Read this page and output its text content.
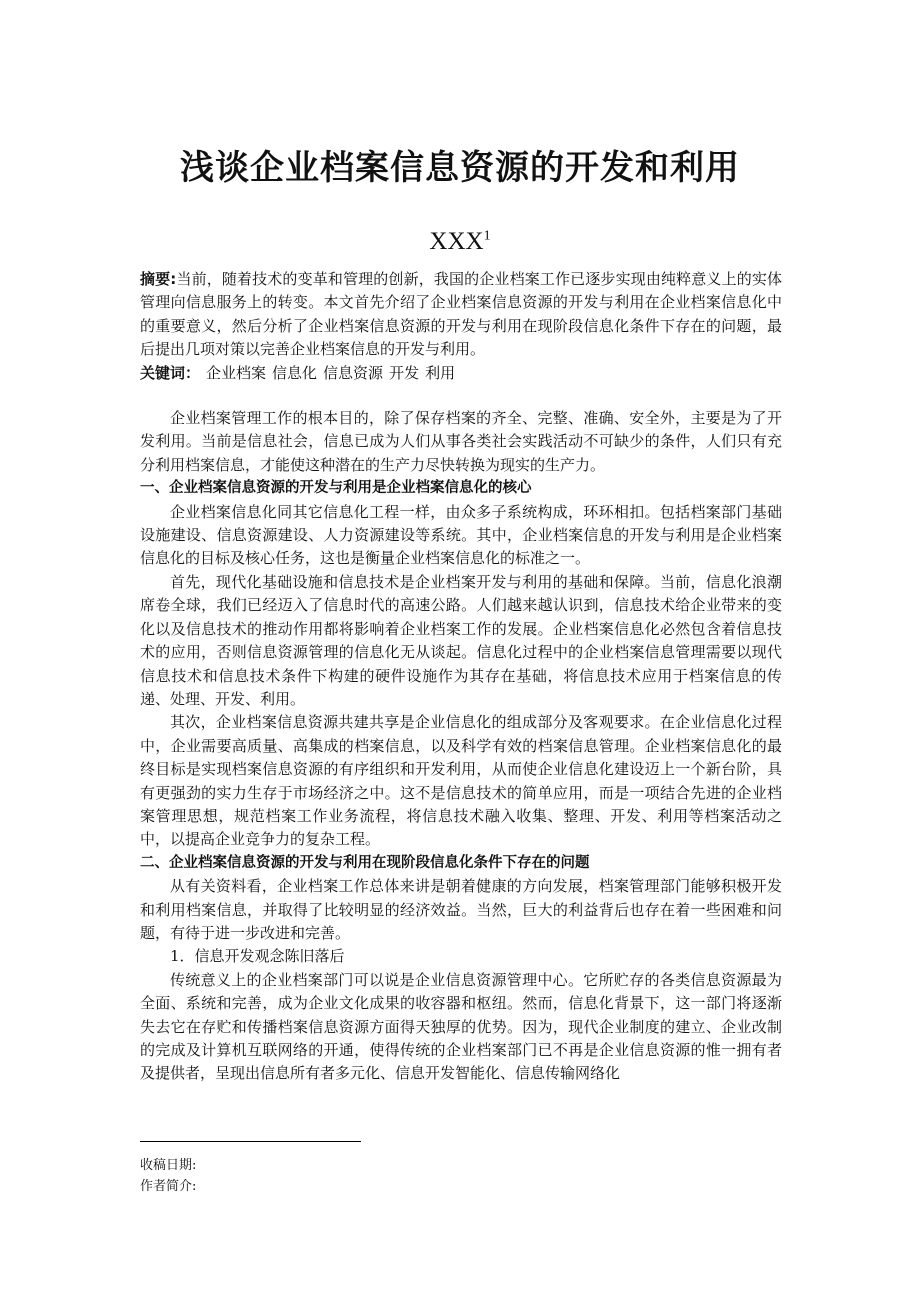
浅谈企业档案信息资源的开发和利用
XXX$^1$

摘要:当前，随着技术的变革和管理的创新，我国的企业档案工作已逐步实现由纯粹意义上的实体管理向信息服务上的转变。本文首先介绍了企业档案信息资源的开发与利用在企业档案信息化中的重要意义，然后分析了企业档案信息资源的开发与利用在现阶段信息化条件下存在的问题，最后提出几项对策以完善企业档案信息的开发与利用。

关键词： 企业档案 信息化 信息资源 开发 利用

企业档案管理工作的根本目的，除了保存档案的齐全、完整、准确、安全外，主要是为了开发利用。当前是信息社会，信息已成为人们从事各类社会实践活动不可缺少的条件，人们只有充分利用档案信息，才能使这种潜在的生产力尽快转换为现实的生产力。

一、企业档案信息资源的开发与利用是企业档案信息化的核心

企业档案信息化同其它信息化工程一样，由众多子系统构成，环环相扣。包括档案部门基础设施建设、信息资源建设、人力资源建设等系统。其中，企业档案信息的开发与利用是企业档案信息化的目标及核心任务，这也是衡量企业档案信息化的标准之一。

首先，现代化基础设施和信息技术是企业档案开发与利用的基础和保障。当前，信息化浪潮席卷全球，我们已经迈入了信息时代的高速公路。人们越来越认识到，信息技术给企业带来的变化以及信息技术的推动作用都将影响着企业档案工作的发展。企业档案信息化必然包含着信息技术的应用，否则信息资源管理的信息化无从谈起。信息化过程中的企业档案信息管理需要以现代信息技术和信息技术条件下构建的硬件设施作为其存在基础，将信息技术应用于档案信息的传递、处理、开发、利用。

其次，企业档案信息资源共建共享是企业信息化的组成部分及客观要求。在企业信息化过程中，企业需要高质量、高集成的档案信息，以及科学有效的档案信息管理。企业档案信息化的最终目标是实现档案信息资源的有序组织和开发利用，从而使企业信息化建设迈上一个新台阶，具有更强劲的实力生存于市场经济之中。这不是信息技术的简单应用，而是一项结合先进的企业档案管理思想，规范档案工作业务流程，将信息技术融入收集、整理、开发、利用等档案活动之中，以提高企业竞争力的复杂工程。

二、企业档案信息资源的开发与利用在现阶段信息化条件下存在的问题

从有关资料看，企业档案工作总体来讲是朝着健康的方向发展，档案管理部门能够积极开发和利用档案信息，并取得了比较明显的经济效益。当然，巨大的利益背后也存在着一些困难和问题，有待于进一步改进和完善。

1．信息开发观念陈旧落后

传统意义上的企业档案部门可以说是企业信息资源管理中心。它所贮存的各类信息资源最为全面、系统和完善，成为企业文化成果的收容器和枢纽。然而，信息化背景下，这一部门将逐渐失去它在存贮和传播档案信息资源方面得天独厚的优势。因为，现代企业制度的建立、企业改制的完成及计算机互联网络的开通，使得传统的企业档案部门已不再是企业信息资源的惟一拥有者及提供者，呈现出信息所有者多元化、信息开发智能化、信息传输网络化

收稿日期:
作者简介:
